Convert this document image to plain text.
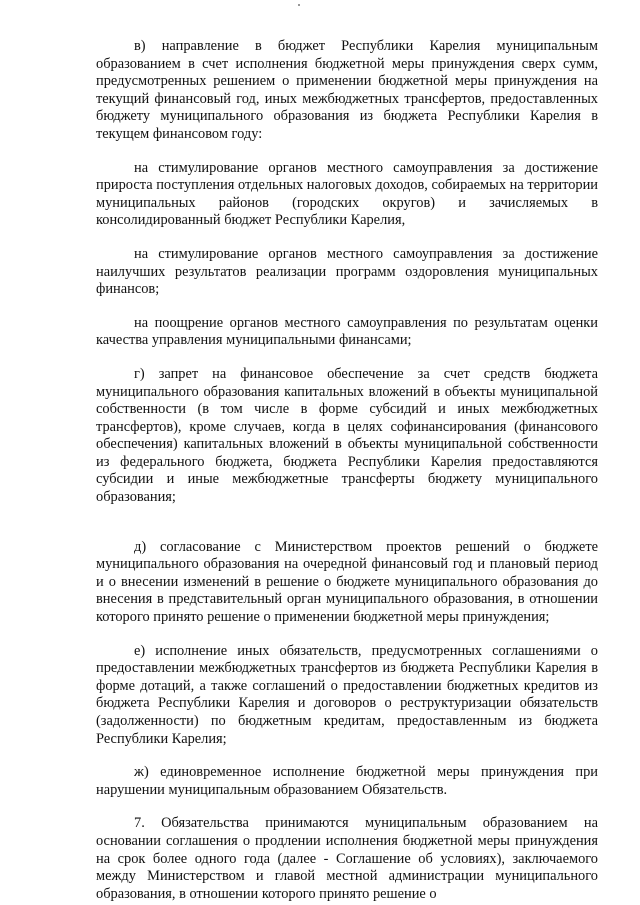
в) направление в бюджет Республики Карелия муниципальным образованием в счет исполнения бюджетной меры принуждения сверх сумм, предусмотренных решением о применении бюджетной меры принуждения на текущий финансовый год, иных межбюджетных трансфертов, предоставленных бюджету муниципального образования из бюджета Республики Карелия в текущем финансовом году:

на стимулирование органов местного самоуправления за достижение прироста поступления отдельных налоговых доходов, собираемых на территории муниципальных районов (городских округов) и зачисляемых в консолидированный бюджет Республики Карелия,

на стимулирование органов местного самоуправления за достижение наилучших результатов реализации программ оздоровления муниципальных финансов;

на поощрение органов местного самоуправления по результатам оценки качества управления муниципальными финансами;

г) запрет на финансовое обеспечение за счет средств бюджета муниципального образования капитальных вложений в объекты муниципальной собственности (в том числе в форме субсидий и иных межбюджетных трансфертов), кроме случаев, когда в целях софинансирования (финансового обеспечения) капитальных вложений в объекты муниципальной собственности из федерального бюджета, бюджета Республики Карелия предоставляются субсидии и иные межбюджетные трансферты бюджету муниципального образования;

д) согласование с Министерством проектов решений о бюджете муниципального образования на очередной финансовый год и плановый период и о внесении изменений в решение о бюджете муниципального образования до внесения в представительный орган муниципального образования, в отношении которого принято решение о применении бюджетной меры принуждения;

е) исполнение иных обязательств, предусмотренных соглашениями о предоставлении межбюджетных трансфертов из бюджета Республики Карелия в форме дотаций, а также соглашений о предоставлении бюджетных кредитов из бюджета Республики Карелия и договоров о реструктуризации обязательств (задолженности) по бюджетным кредитам, предоставленным из бюджета Республики Карелия;

ж) единовременное исполнение бюджетной меры принуждения при нарушении муниципальным образованием Обязательств.

7. Обязательства принимаются муниципальным образованием на основании соглашения о продлении исполнения бюджетной меры принуждения на срок более одного года (далее - Соглашение об условиях), заключаемого между Министерством и главой местной администрации муниципального образования, в отношении которого принято решение о
